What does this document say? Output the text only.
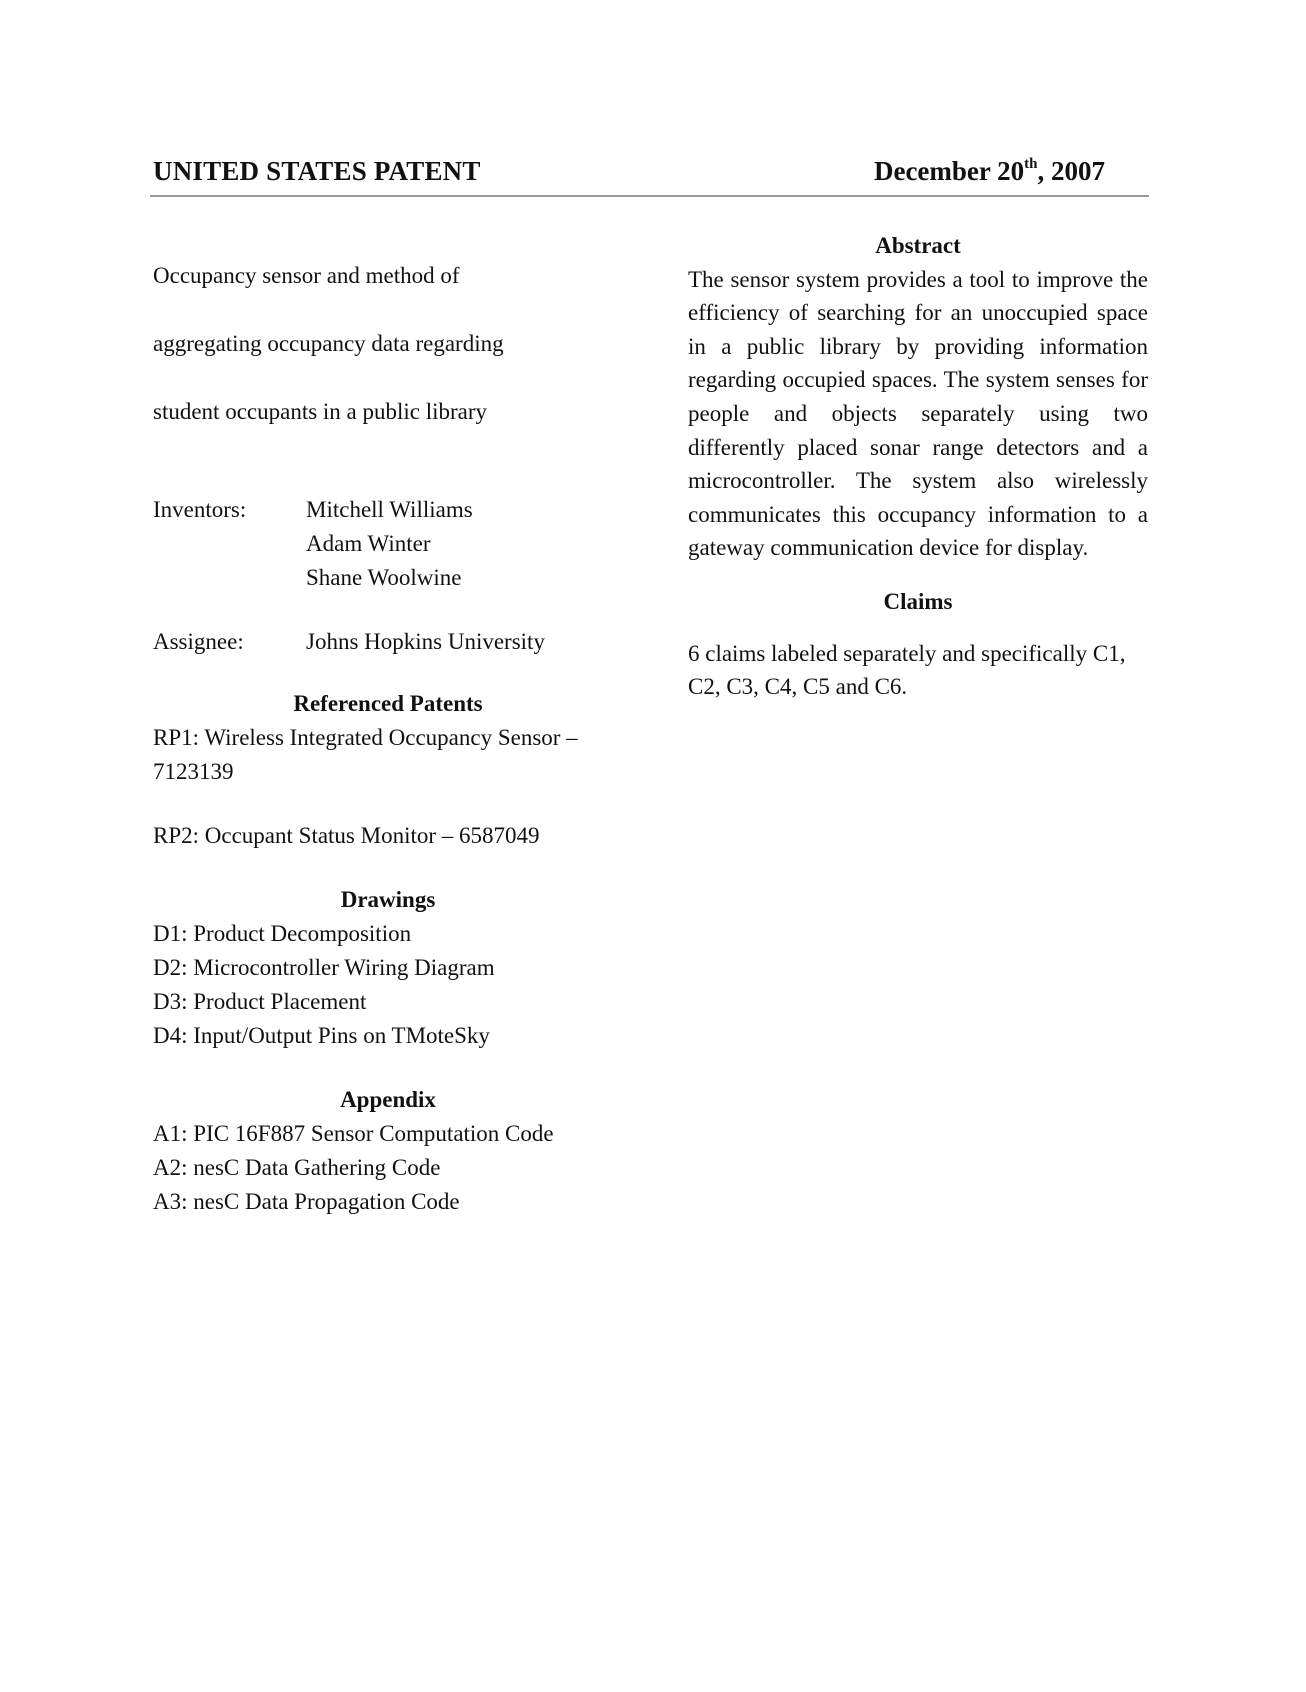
UNITED STATES PATENT	December 20th, 2007

Occupancy sensor and method of

aggregating occupancy data regarding

student occupants in a public library

Inventors:	Mitchell Williams
Adam Winter
Shane Woolwine
Assignee:	Johns Hopkins University
Referenced Patents
RP1: Wireless Integrated Occupancy Sensor – 7123139
RP2: Occupant Status Monitor – 6587049
Drawings
D1: Product Decomposition
D2: Microcontroller Wiring Diagram
D3: Product Placement
D4: Input/Output Pins on TMoteSky
Appendix
A1: PIC 16F887 Sensor Computation Code
A2: nesC Data Gathering Code
A3: nesC Data Propagation Code
Abstract
The sensor system provides a tool to improve the efficiency of searching for an unoccupied space in a public library by providing information regarding occupied spaces. The system senses for people and objects separately using two differently placed sonar range detectors and a microcontroller. The system also wirelessly communicates this occupancy information to a gateway communication device for display.
Claims
6 claims labeled separately and specifically C1, C2, C3, C4, C5 and C6.
